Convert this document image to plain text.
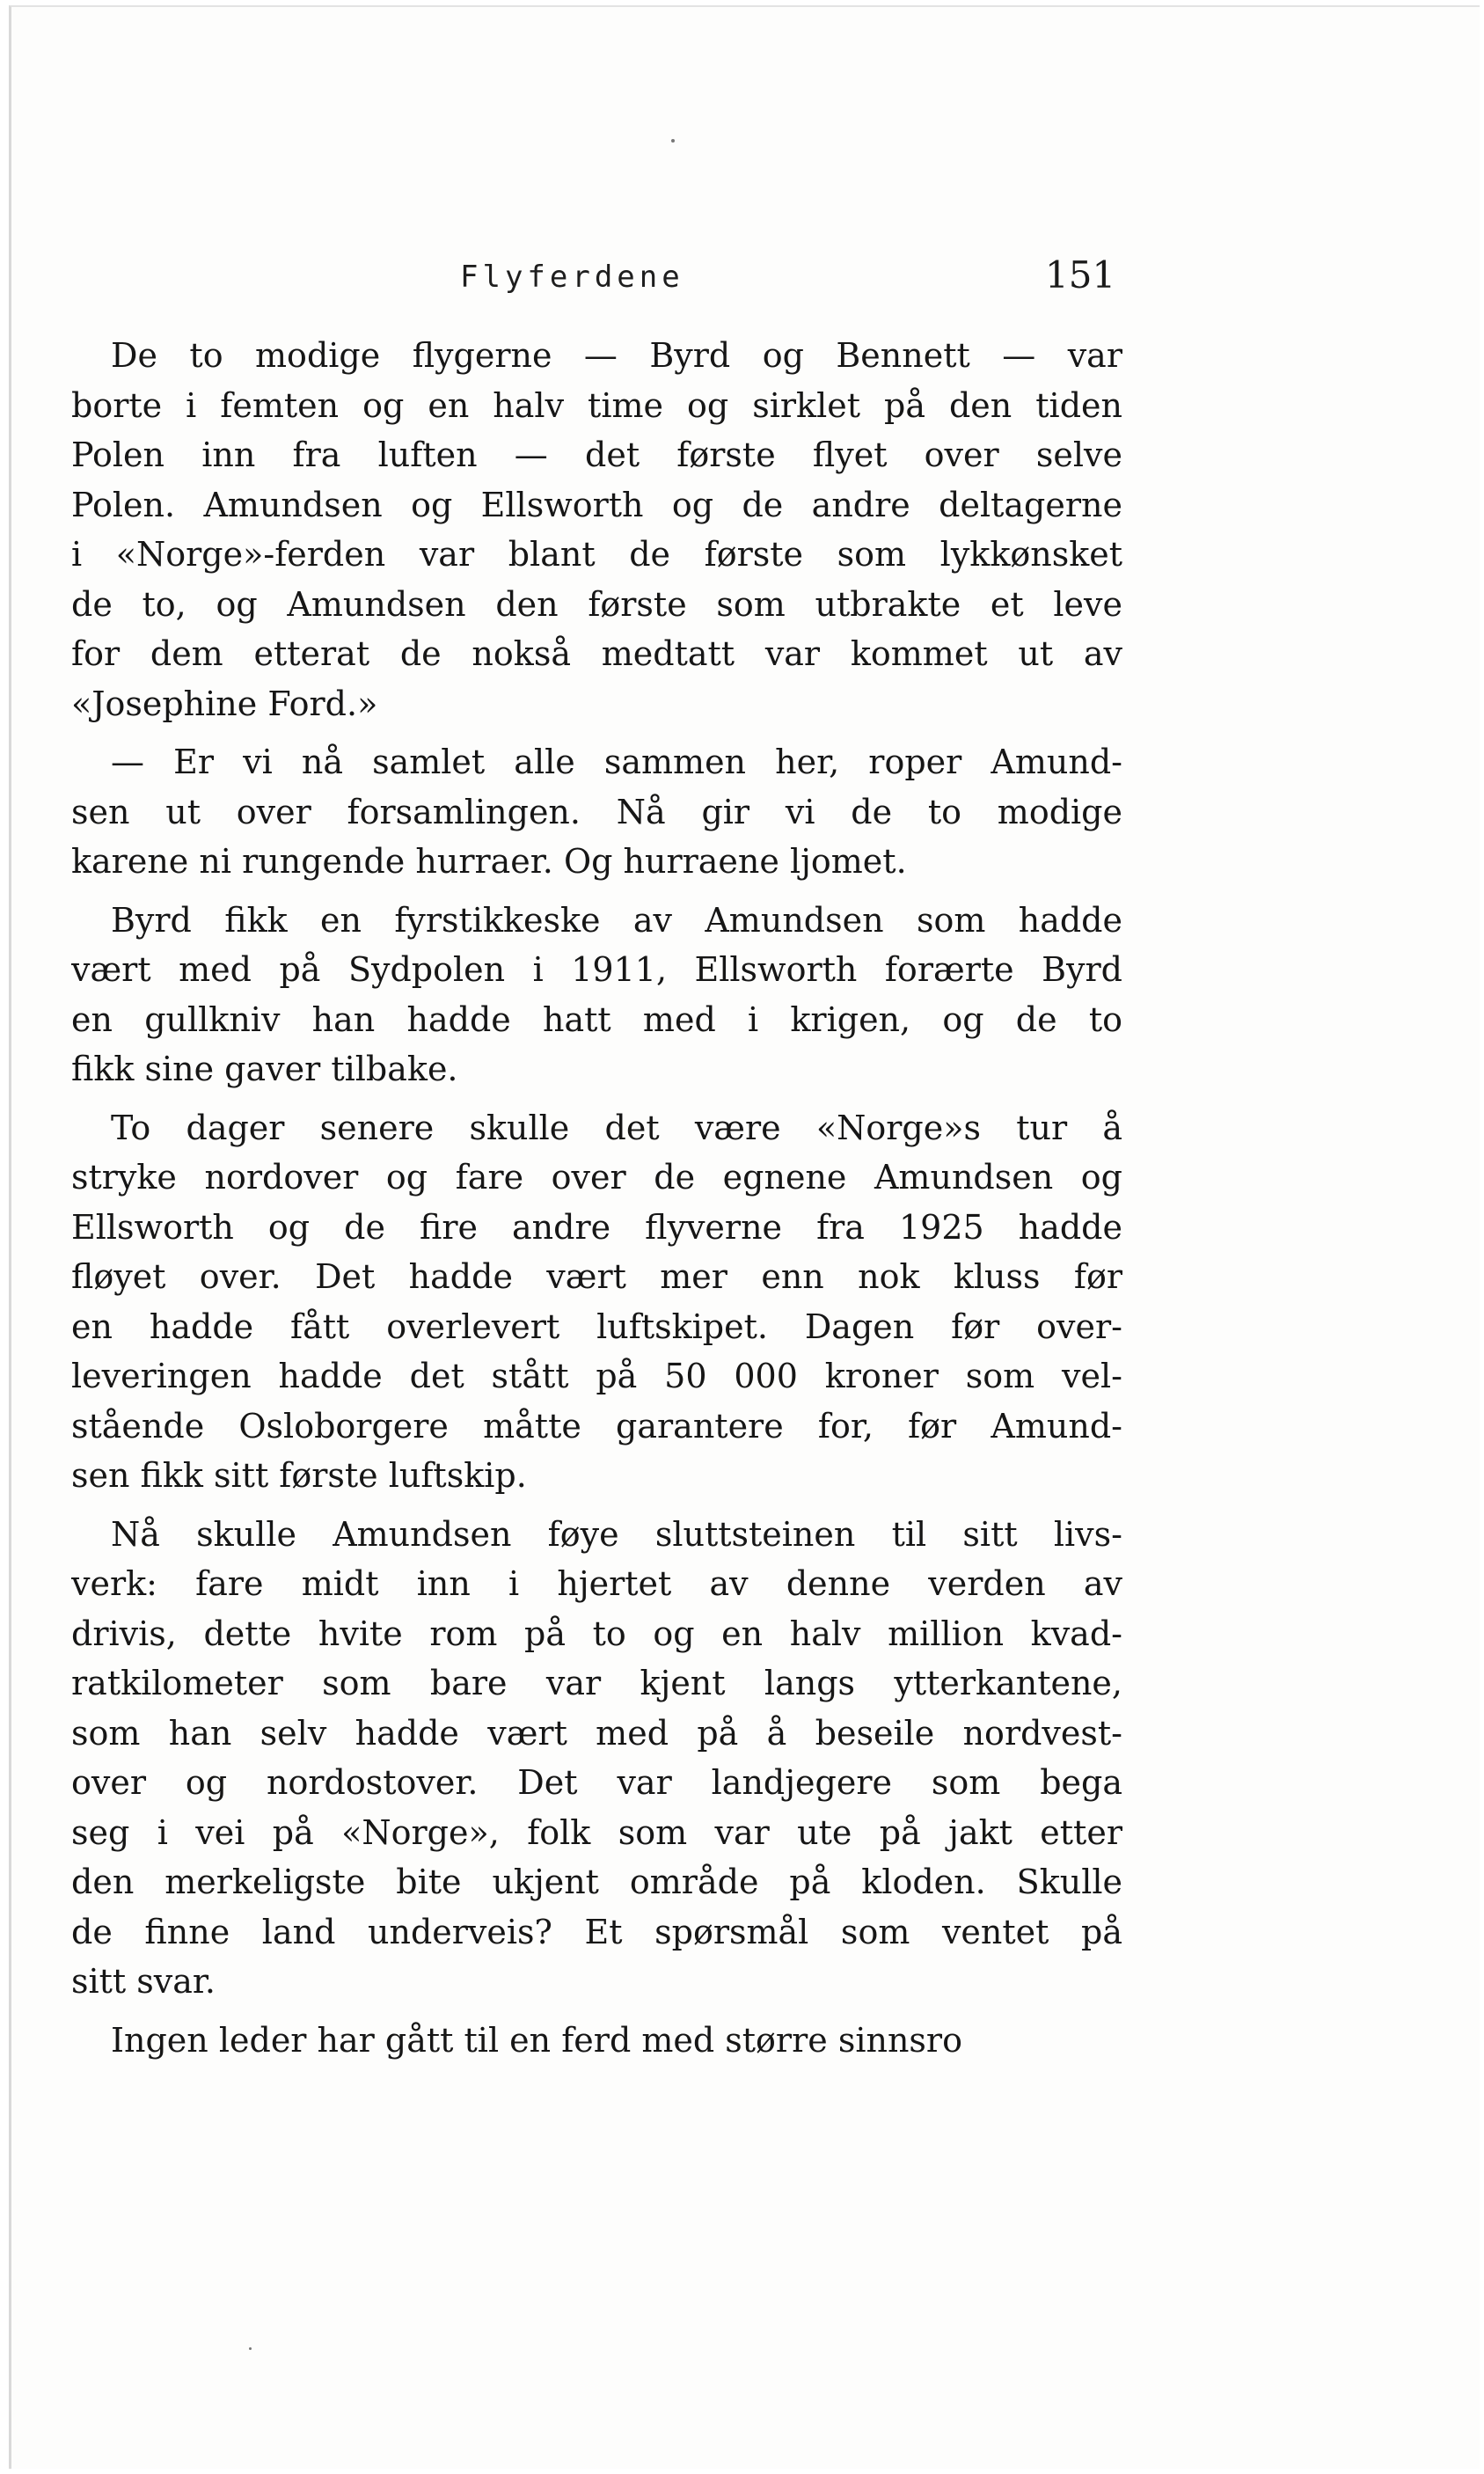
Flyferdene	151
De to modige flygerne — Byrd og Bennett — var
borte i femten og en halv time og sirklet på den tiden
Polen inn fra luften — det første flyet over selve
Polen. Amundsen og Ellsworth og de andre deltagerne
i «Norge»-ferden var blant de første som lykkønsket
de to, og Amundsen den første som utbrakte et leve
for dem etterat de nokså medtatt var kommet ut av
«Josephine Ford.»
— Er vi nå samlet alle sammen her, roper Amund-
sen ut over forsamlingen. Nå gir vi de to modige
karene ni rungende hurraer. Og hurraene ljomet.
Byrd fikk en fyrstikkeske av Amundsen som hadde
vært med på Sydpolen i 1911, Ellsworth forærte Byrd
en gullkniv han hadde hatt med i krigen, og de to
fikk sine gaver tilbake.
To dager senere skulle det være «Norge»s tur å
stryke nordover og fare over de egnene Amundsen og
Ellsworth og de fire andre flyverne fra 1925 hadde
fløyet over. Det hadde vært mer enn nok kluss før
en hadde fått overlevert luftskipet. Dagen før over-
leveringen hadde det stått på 50 000 kroner som vel-
stående Osloborgere måtte garantere for, før Amund-
sen fikk sitt første luftskip.
Nå skulle Amundsen føye sluttsteinen til sitt livs-
verk: fare midt inn i hjertet av denne verden av
drivis, dette hvite rom på to og en halv million kvad-
ratkilometer som bare var kjent langs ytterkantene,
som han selv hadde vært med på å beseile nordvest-
over og nordostover. Det var landjegere som bega
seg i vei på «Norge», folk som var ute på jakt etter
den merkeligste bite ukjent område på kloden. Skulle
de finne land underveis? Et spørsmål som ventet på
sitt svar.
Ingen leder har gått til en ferd med større sinnsro
